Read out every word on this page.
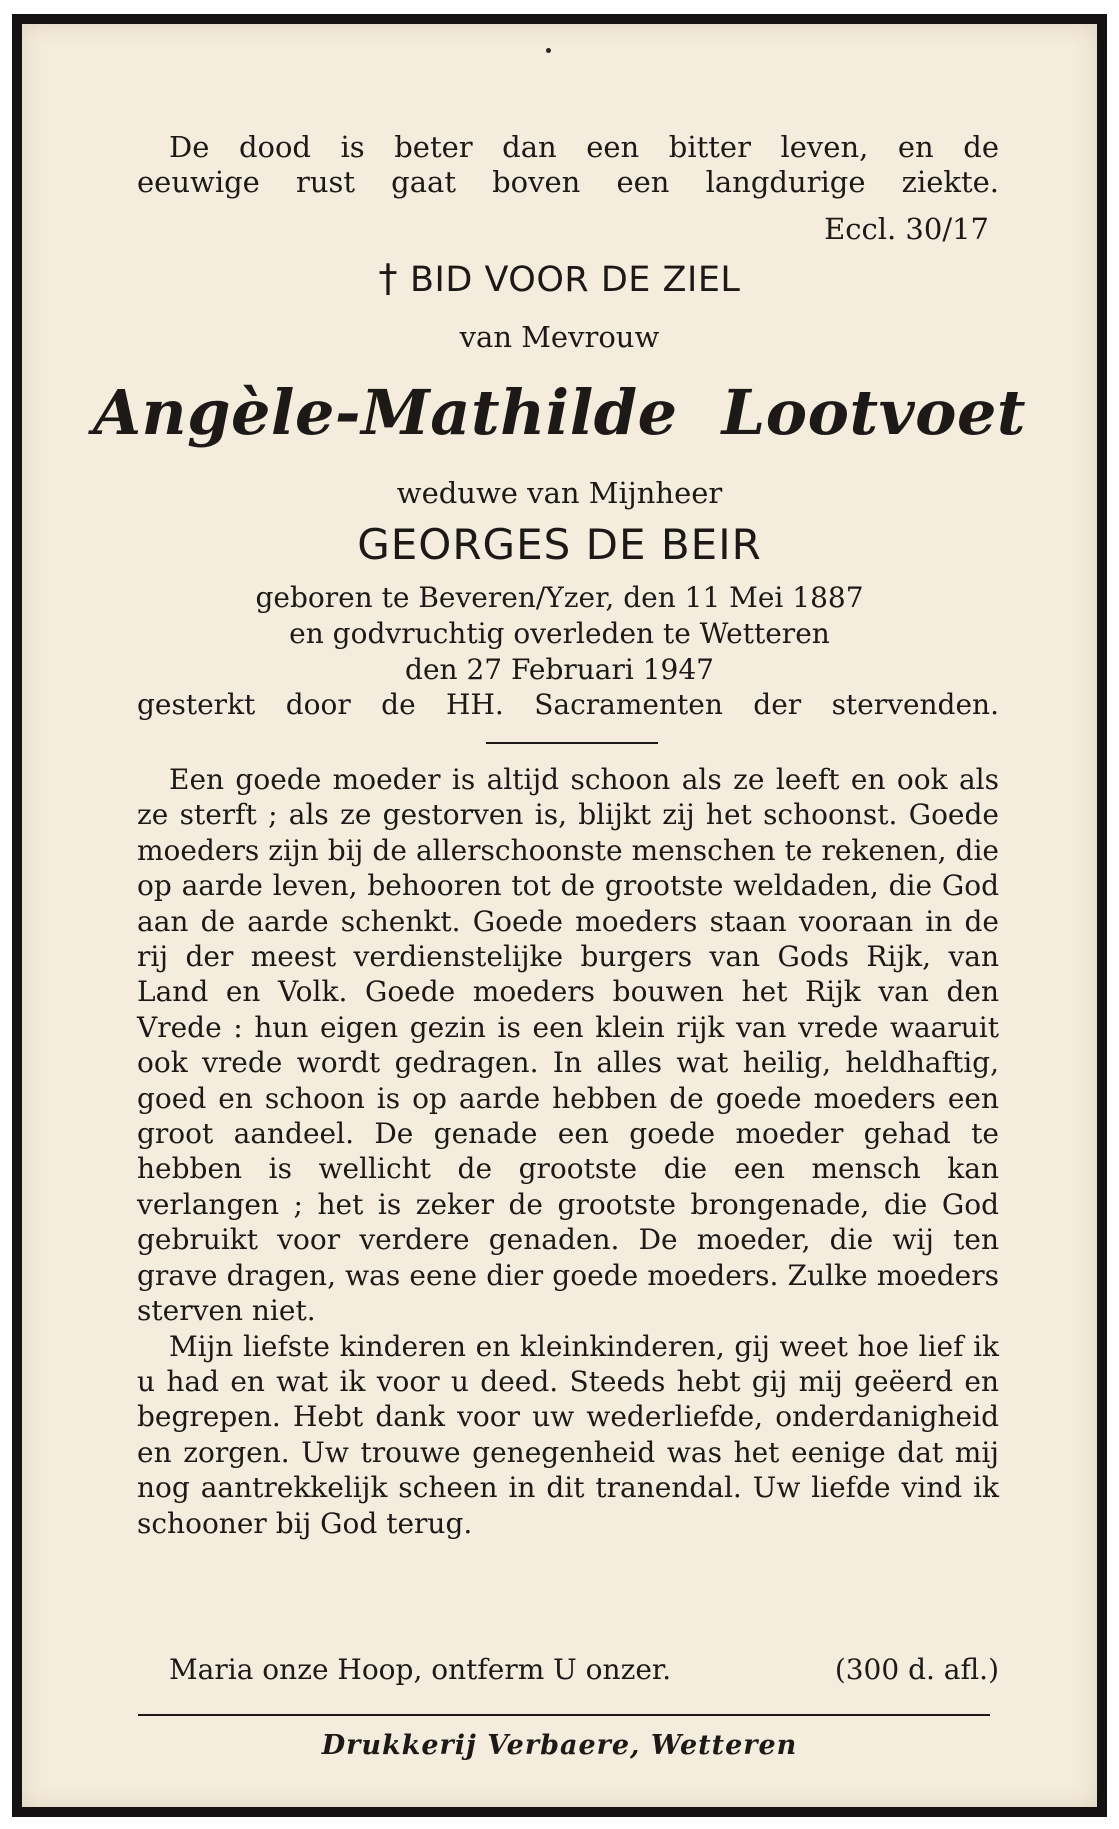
De dood is beter dan een bitter leven, en de
eeuwige rust gaat boven een langdurige ziekte.
Eccl. 30/17
† BID VOOR DE ZIEL
van Mevrouw
Angèle-Mathilde Lootvoet
weduwe van Mijnheer
GEORGES DE BEIR
geboren te Beveren/Yzer, den 11 Mei 1887
en godvruchtig overleden te Wetteren
den 27 Februari 1947
gesterkt door de HH. Sacramenten der stervenden.

Een goede moeder is altijd schoon als ze leeft en ook als ze sterft ; als ze gestorven is, blijkt zij het schoonst. Goede moeders zijn bij de allerschoonste menschen te rekenen, die op aarde leven, behooren tot de grootste weldaden, die God aan de aarde schenkt. Goede moeders staan vooraan in de rij der meest verdienstelijke burgers van Gods Rijk, van Land en Volk. Goede moeders bouwen het Rijk van den Vrede : hun eigen gezin is een klein rijk van vrede waaruit ook vrede wordt gedragen. In alles wat heilig, heldhaftig, goed en schoon is op aarde hebben de goede moeders een groot aandeel. De genade een goede moeder gehad te hebben is wellicht de grootste die een mensch kan verlangen ; het is zeker de grootste brongenade, die God gebruikt voor verdere genaden. De moeder, die wij ten grave dragen, was eene dier goede moeders. Zulke moeders sterven niet.

Mijn liefste kinderen en kleinkinderen, gij weet hoe lief ik u had en wat ik voor u deed. Steeds hebt gij mij geëerd en begrepen. Hebt dank voor uw wederliefde, onderdanigheid en zorgen. Uw trouwe genegenheid was het eenige dat mij nog aantrekkelijk scheen in dit tranendal. Uw liefde vind ik schooner bij God terug.

Maria onze Hoop, ontferm U onzer.	(300 d. afl.)
Drukkerij Verbaere, Wetteren
